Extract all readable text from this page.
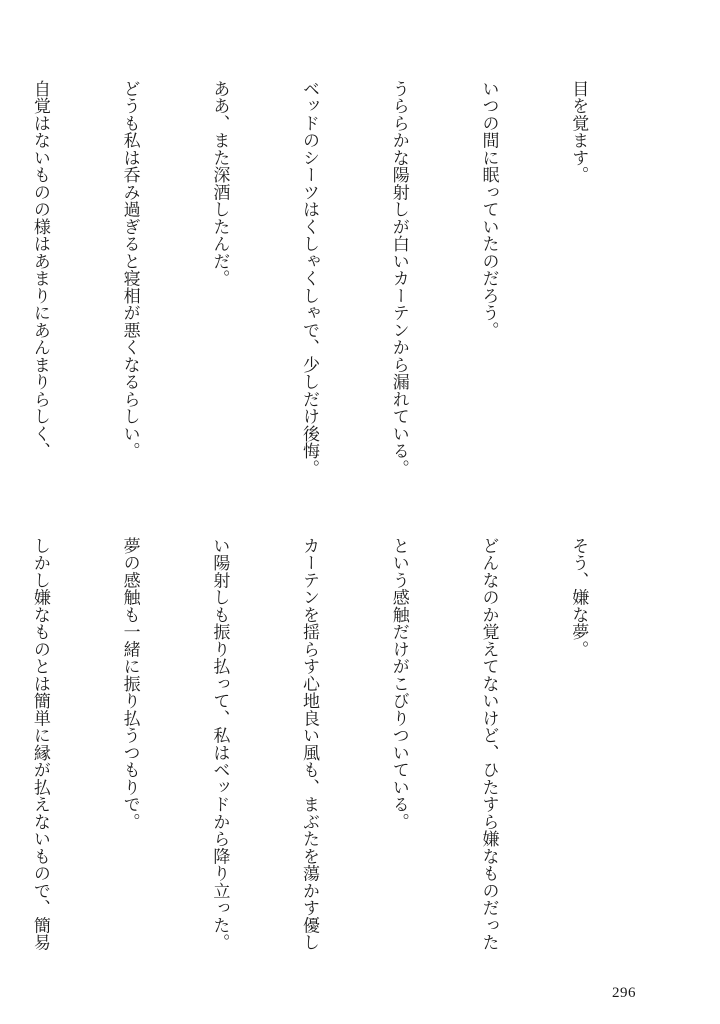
目を覚ます。

いつの間に眠っていたのだろう。

うららかな陽射しが白いカーテンから漏れている。

ベッドのシーツはくしゃくしゃで、少しだけ後悔。

ああ、また深酒したんだ。

どうも私は呑み過ぎると寝相が悪くなるらしい。

自覚はないものの様はあまりにあんまりらしく、

そう、嫌な夢。

どんなのか覚えてないけど、ひたすら嫌なものだった

という感触だけがこびりついている。

カーテンを揺らす心地良い風も、まぶたを蕩かす優し

い陽射しも振り払って、私はベッドから降り立った。

夢の感触も一緒に振り払うつもりで。

しかし嫌なものとは簡単に縁が払えないもので、簡易

296
